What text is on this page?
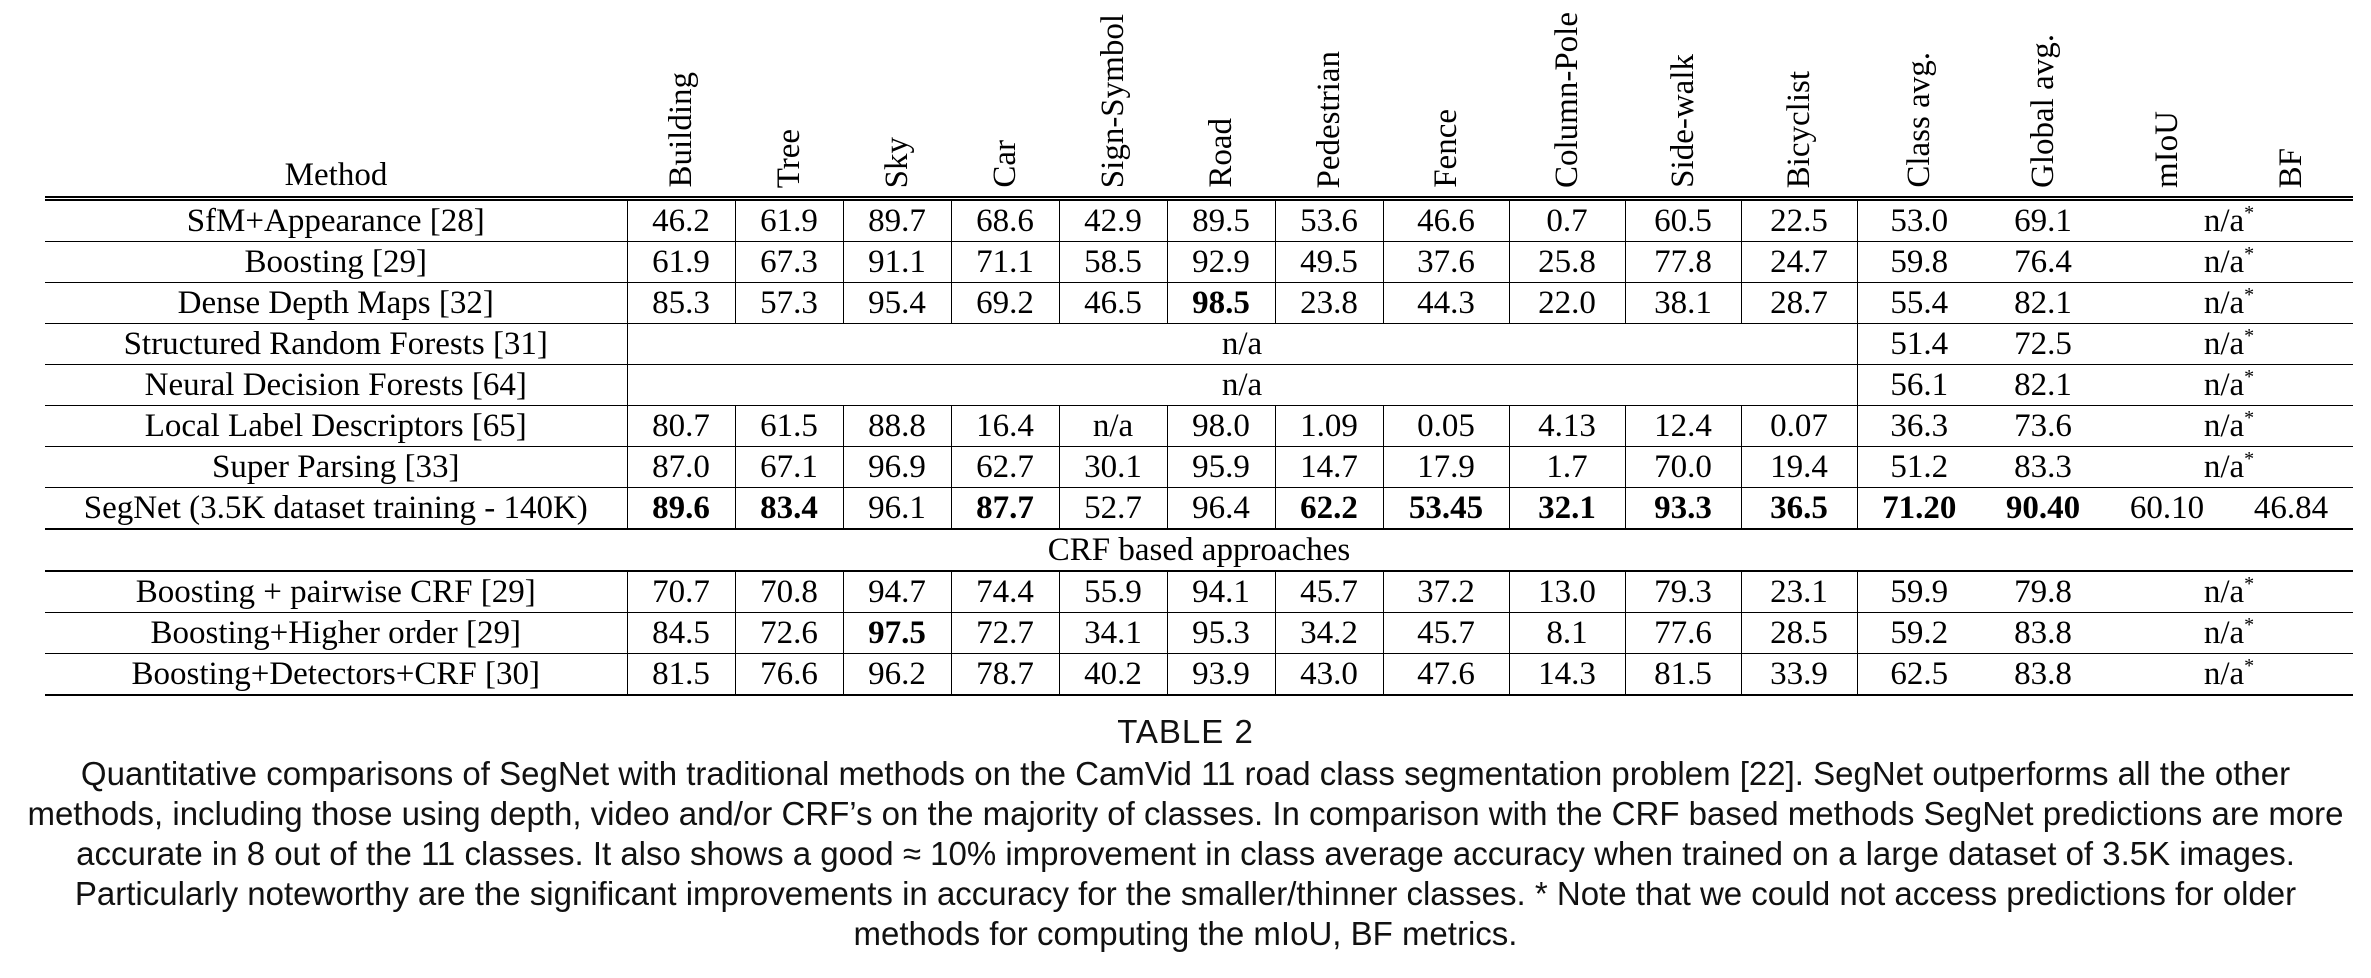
Method	Building	Tree	Sky	Car	Sign-Symbol	Road	Pedestrian	Fence	Column-Pole	Side-walk	Bicyclist	Class avg.	Global avg.	mIoU	BF

SfM+Appearance [28]	46.2	61.9	89.7	68.6	42.9	89.5	53.6	46.6	0.7	60.5	22.5	53.0	69.1	n/a*
Boosting [29]	61.9	67.3	91.1	71.1	58.5	92.9	49.5	37.6	25.8	77.8	24.7	59.8	76.4	n/a*
Dense Depth Maps [32]	85.3	57.3	95.4	69.2	46.5	98.5	23.8	44.3	22.0	38.1	28.7	55.4	82.1	n/a*
Structured Random Forests [31]	n/a											51.4	72.5	n/a*
Neural Decision Forests [64]	n/a											56.1	82.1	n/a*
Local Label Descriptors [65]	80.7	61.5	88.8	16.4	n/a	98.0	1.09	0.05	4.13	12.4	0.07	36.3	73.6	n/a*
Super Parsing [33]	87.0	67.1	96.9	62.7	30.1	95.9	14.7	17.9	1.7	70.0	19.4	51.2	83.3	n/a*
SegNet (3.5K dataset training - 140K)	89.6	83.4	96.1	87.7	52.7	96.4	62.2	53.45	32.1	93.3	36.5	71.20	90.40	60.10	46.84
CRF based approaches															
Boosting + pairwise CRF [29]	70.7	70.8	94.7	74.4	55.9	94.1	45.7	37.2	13.0	79.3	23.1	59.9	79.8	n/a*
Boosting+Higher order [29]	84.5	72.6	97.5	72.7	34.1	95.3	34.2	45.7	8.1	77.6	28.5	59.2	83.8	n/a*
Boosting+Detectors+CRF [30]	81.5	76.6	96.2	78.7	40.2	93.9	43.0	47.6	14.3	81.5	33.9	62.5	83.8	n/a*
TABLE 2
Quantitative comparisons of SegNet with traditional methods on the CamVid 11 road class segmentation problem [22]. SegNet outperforms all the other methods, including those using depth, video and/or CRF’s on the majority of classes. In comparison with the CRF based methods SegNet predictions are more accurate in 8 out of the 11 classes. It also shows a good ≈ 10% improvement in class average accuracy when trained on a large dataset of 3.5K images. Particularly noteworthy are the significant improvements in accuracy for the smaller/thinner classes. * Note that we could not access predictions for older methods for computing the mIoU, BF metrics.
